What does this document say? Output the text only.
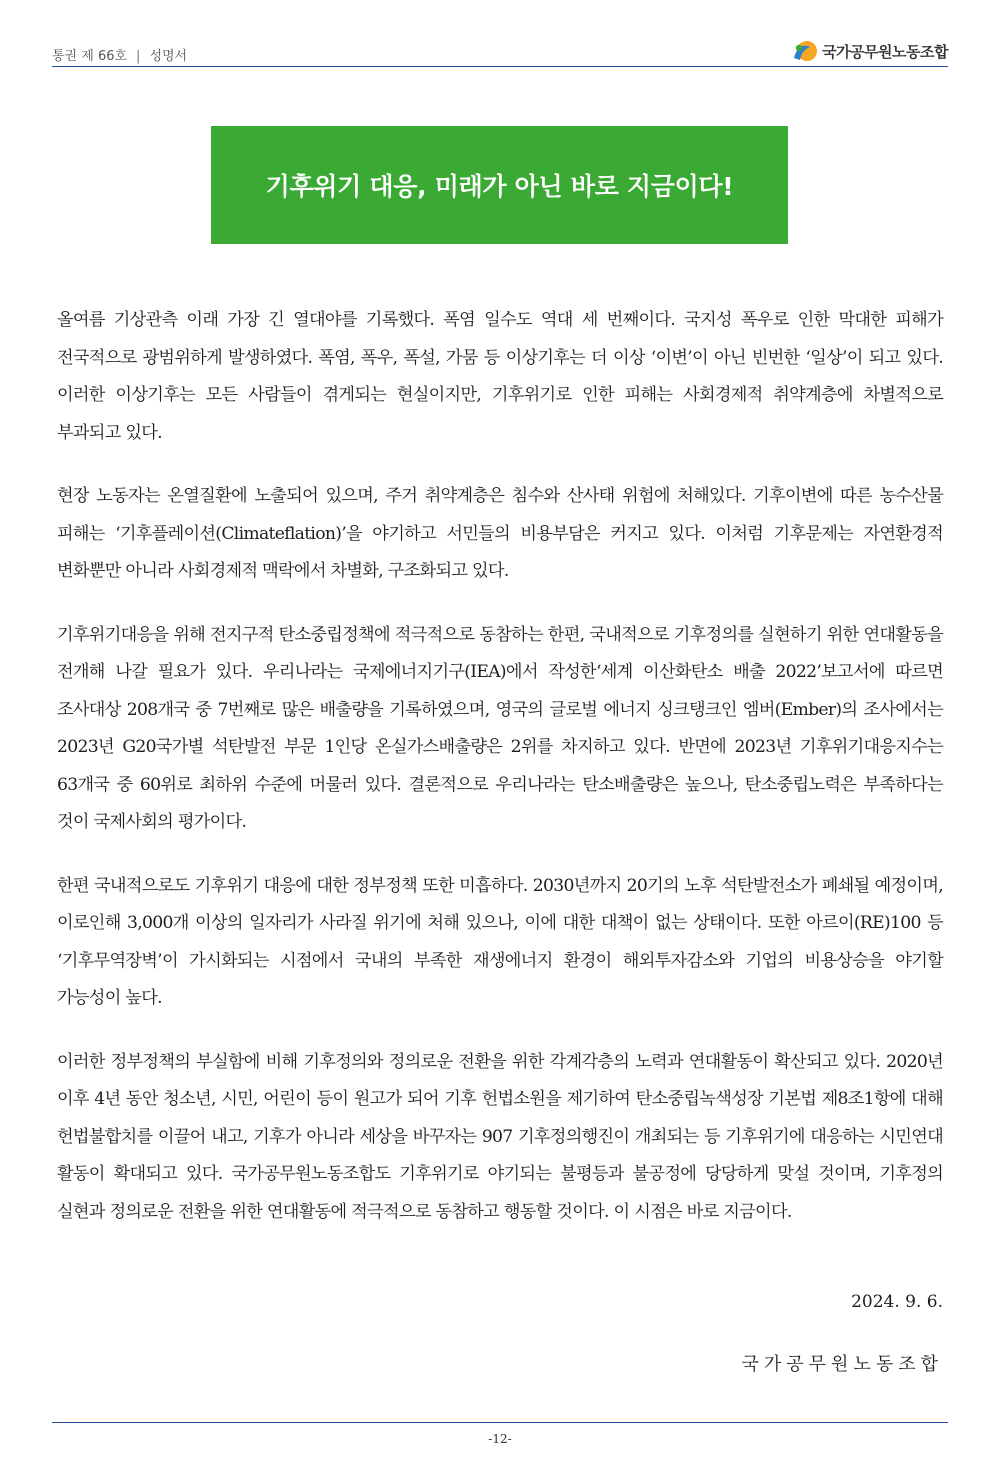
통권 제 66호 | 성명서	국가공무원노동조합
기후위기 대응, 미래가 아닌 바로 지금이다!

올여름 기상관측 이래 가장 긴 열대야를 기록했다. 폭염 일수도 역대 세 번째이다. 국지성 폭우로 인한 막대한 피해가 전국적으로 광범위하게 발생하였다. 폭염, 폭우, 폭설, 가뭄 등 이상기후는 더 이상 ‘이변’이 아닌 빈번한 ‘일상’이 되고 있다. 이러한 이상기후는 모든 사람들이 겪게되는 현실이지만, 기후위기로 인한 피해는 사회경제적 취약계층에 차별적으로 부과되고 있다.

현장 노동자는 온열질환에 노출되어 있으며, 주거 취약계층은 침수와 산사태 위험에 처해있다. 기후이변에 따른 농수산물 피해는 ‘기후플레이션(Climateflation)’을 야기하고 서민들의 비용부담은 커지고 있다. 이처럼 기후문제는 자연환경적 변화뿐만 아니라 사회경제적 맥락에서 차별화, 구조화되고 있다.

기후위기대응을 위해 전지구적 탄소중립정책에 적극적으로 동참하는 한편, 국내적으로 기후정의를 실현하기 위한 연대활동을 전개해 나갈 필요가 있다. 우리나라는 국제에너지기구(IEA)에서 작성한‘세계 이산화탄소 배출 2022’보고서에 따르면 조사대상 208개국 중 7번째로 많은 배출량을 기록하였으며, 영국의 글로벌 에너지 싱크탱크인 엠버(Ember)의 조사에서는 2023년 G20국가별 석탄발전 부문 1인당 온실가스배출량은 2위를 차지하고 있다. 반면에 2023년 기후위기대응지수는 63개국 중 60위로 최하위 수준에 머물러 있다. 결론적으로 우리나라는 탄소배출량은 높으나, 탄소중립노력은 부족하다는 것이 국제사회의 평가이다.

한편 국내적으로도 기후위기 대응에 대한 정부정책 또한 미흡하다. 2030년까지 20기의 노후 석탄발전소가 폐쇄될 예정이며, 이로인해 3,000개 이상의 일자리가 사라질 위기에 처해 있으나, 이에 대한 대책이 없는 상태이다. 또한 아르이(RE)100 등 ‘기후무역장벽’이 가시화되는 시점에서 국내의 부족한 재생에너지 환경이 해외투자감소와 기업의 비용상승을 야기할 가능성이 높다.

이러한 정부정책의 부실함에 비해 기후정의와 정의로운 전환을 위한 각계각층의 노력과 연대활동이 확산되고 있다. 2020년 이후 4년 동안 청소년, 시민, 어린이 등이 원고가 되어 기후 헌법소원을 제기하여 탄소중립녹색성장 기본법 제8조1항에 대해 헌법불합치를 이끌어 내고, 기후가 아니라 세상을 바꾸자는 907 기후정의행진이 개최되는 등 기후위기에 대응하는 시민연대 활동이 확대되고 있다. 국가공무원노동조합도 기후위기로 야기되는 불평등과 불공정에 당당하게 맞설 것이며, 기후정의 실현과 정의로운 전환을 위한 연대활동에 적극적으로 동참하고 행동할 것이다. 이 시점은 바로 지금이다.

2024. 9. 6.
국가공무원노동조합
-12-
